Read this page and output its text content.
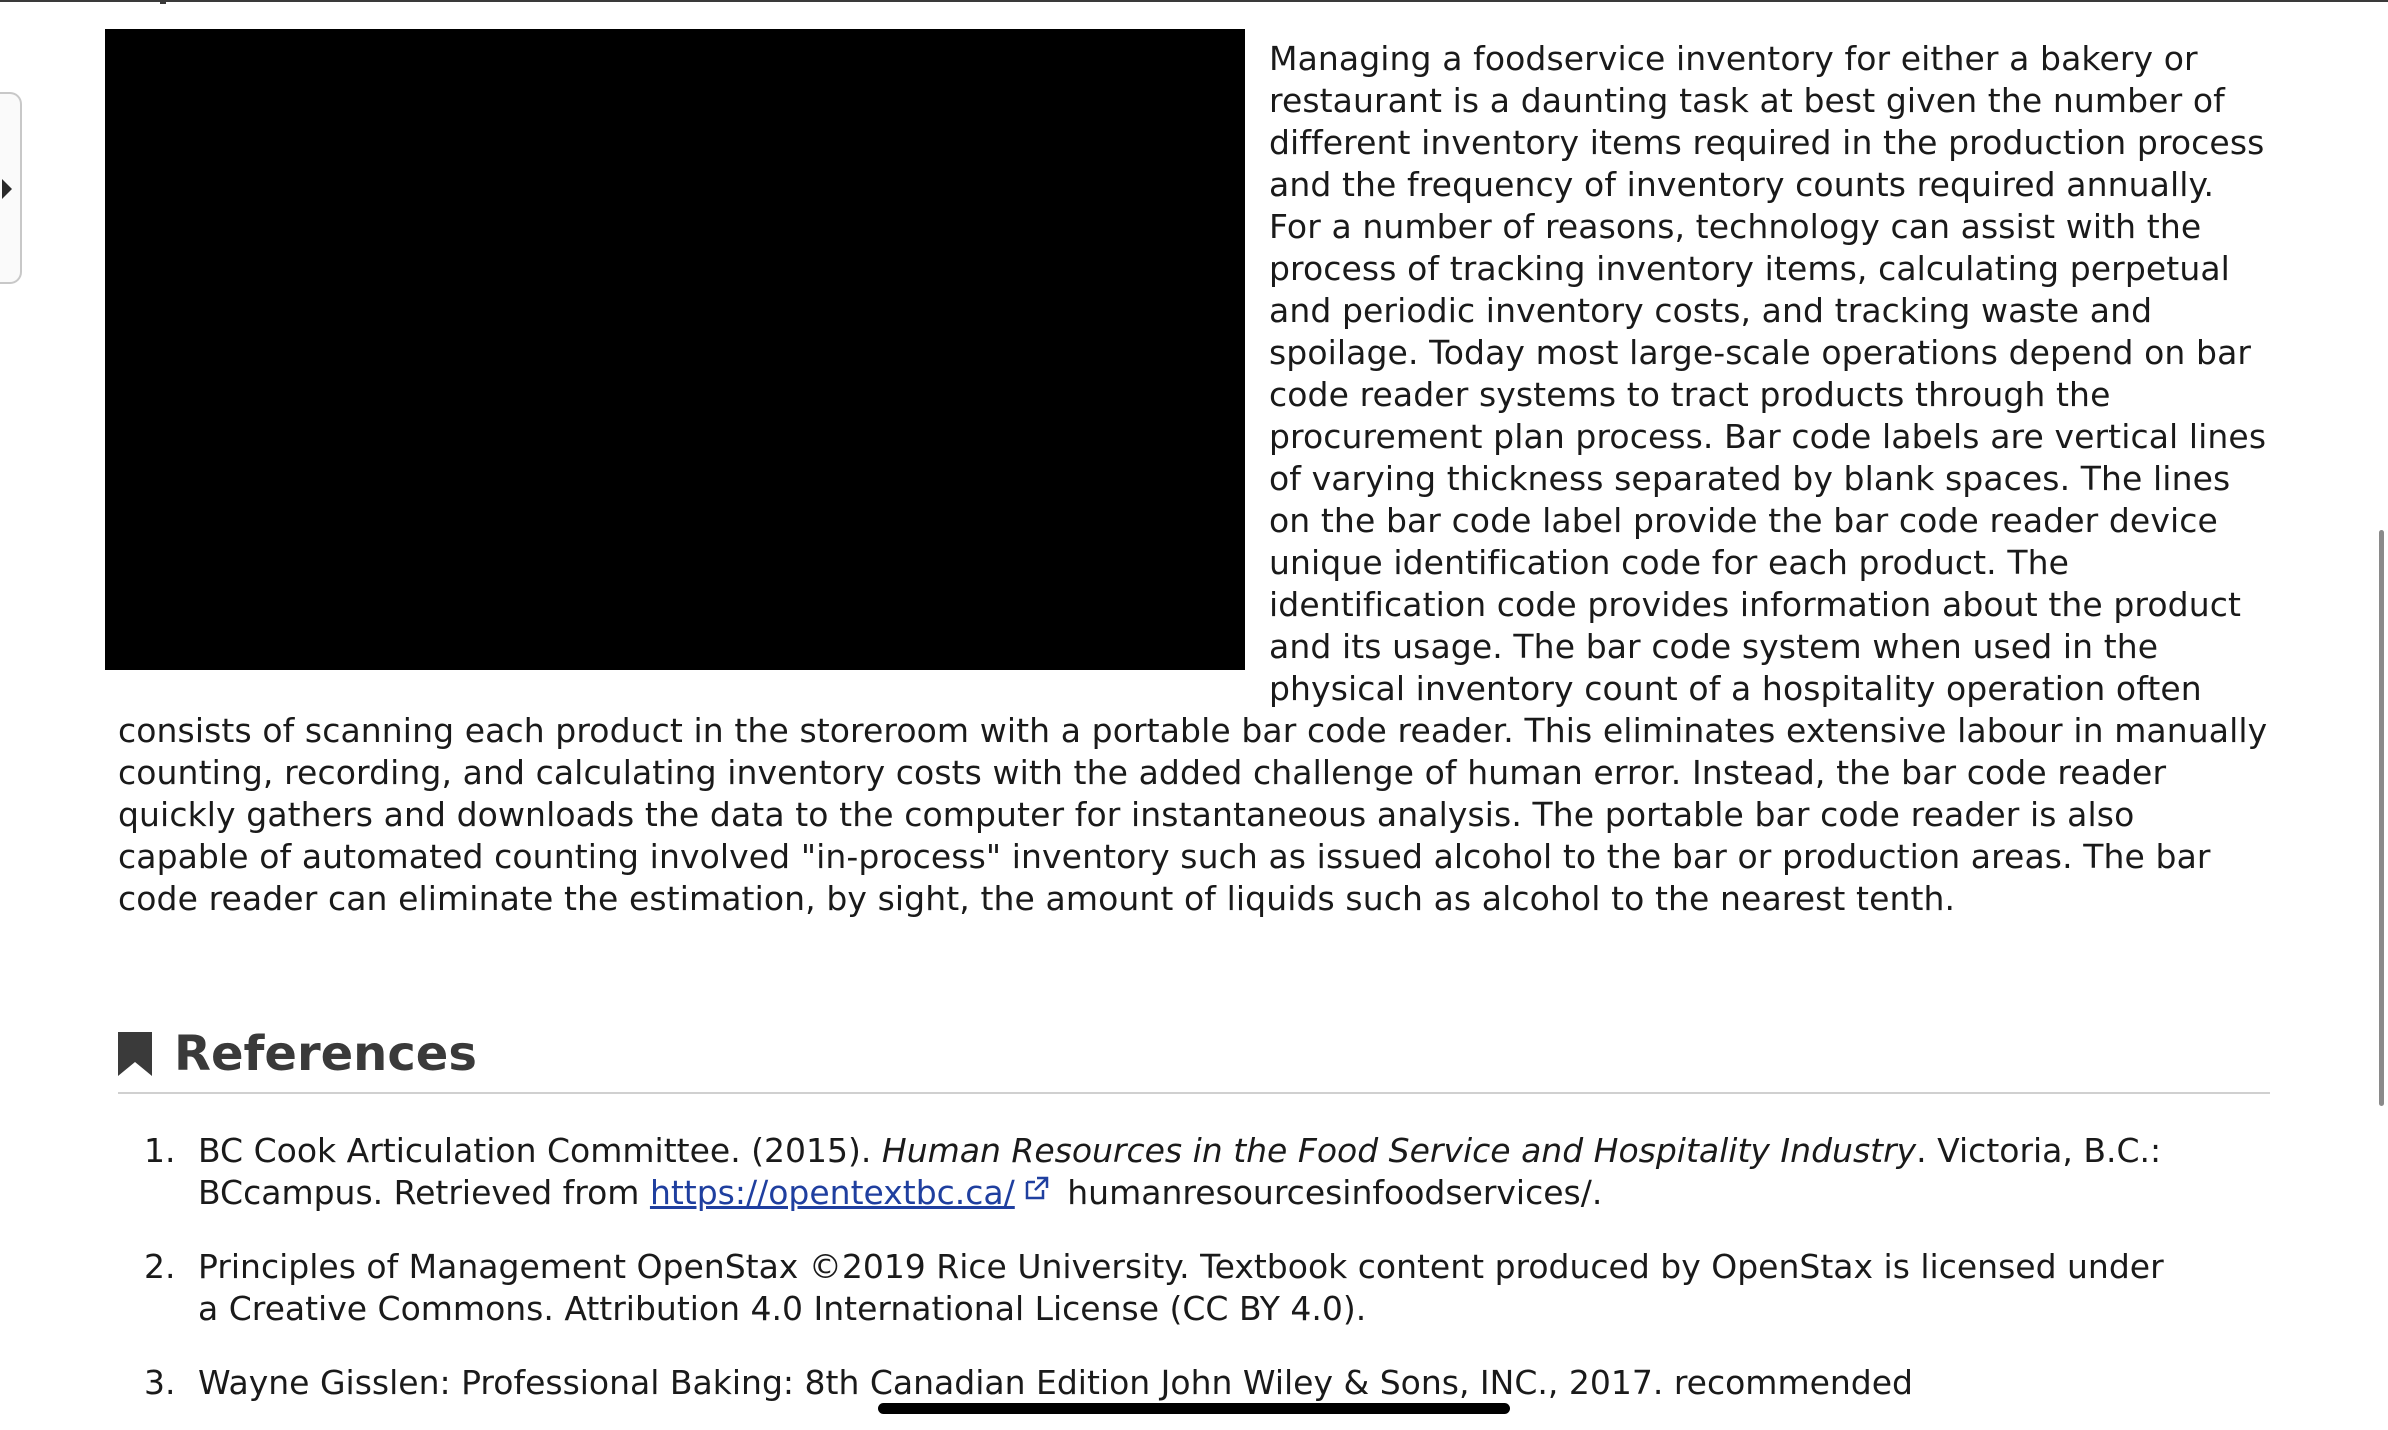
Managing a foodservice inventory for either a bakery or restaurant is a daunting task at best given the number of different inventory items required in the production process and the frequency of inventory counts required annually. For a number of reasons, technology can assist with the process of tracking inventory items, calculating perpetual and periodic inventory costs, and tracking waste and spoilage. Today most large-scale operations depend on bar code reader systems to tract products through the procurement plan process. Bar code labels are vertical lines of varying thickness separated by blank spaces. The lines on the bar code label provide the bar code reader device unique identification code for each product. The identification code provides information about the product and its usage. The bar code system when used in the physical inventory count of a hospitality operation often consists of scanning each product in the storeroom with a portable bar code reader. This eliminates extensive labour in manually counting, recording, and calculating inventory costs with the added challenge of human error. Instead, the bar code reader quickly gathers and downloads the data to the computer for instantaneous analysis. The portable bar code reader is also capable of automated counting involved "in-process" inventory such as issued alcohol to the bar or production areas. The bar code reader can eliminate the estimation, by sight, the amount of liquids such as alcohol to the nearest tenth.

References
1. BC Cook Articulation Committee. (2015). Human Resources in the Food Service and Hospitality Industry. Victoria, B.C.: BCcampus. Retrieved from https://opentextbc.ca/ humanresourcesinfoodservices/.
2. Principles of Management OpenStax ©2019 Rice University. Textbook content produced by OpenStax is licensed under a Creative Commons. Attribution 4.0 International License (CC BY 4.0).
3. Wayne Gisslen: Professional Baking: 8th Canadian Edition John Wiley & Sons, INC., 2017. recommended
